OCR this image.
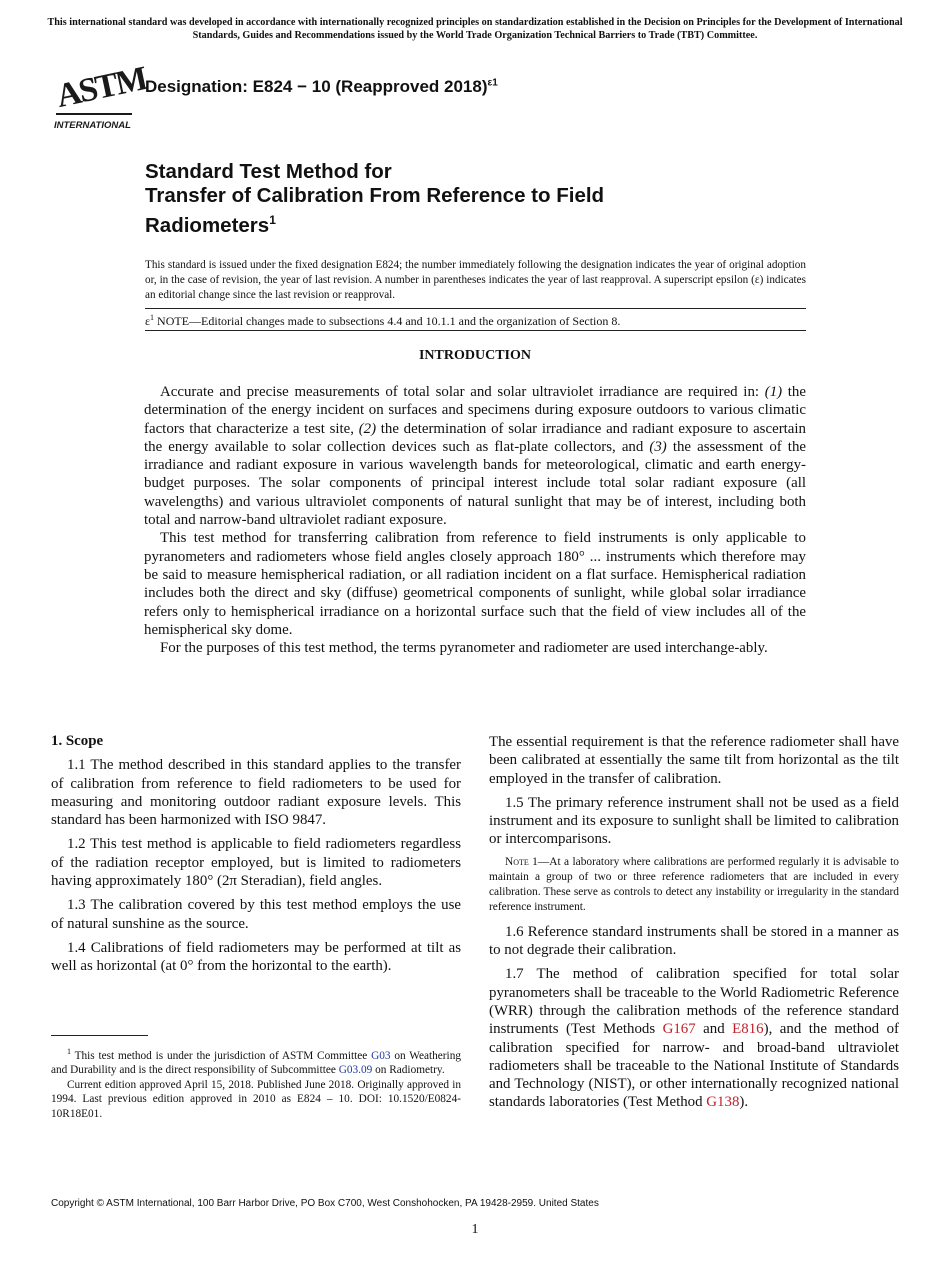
This international standard was developed in accordance with internationally recognized principles on standardization established in the Decision on Principles for the Development of International Standards, Guides and Recommendations issued by the World Trade Organization Technical Barriers to Trade (TBT) Committee.
ASTM
INTERNATIONAL
Designation: E824 − 10 (Reapproved 2018)$^{\varepsilon 1}$
Standard Test Method for
Transfer of Calibration From Reference to Field
Radiometers$^1$
This standard is issued under the fixed designation E824; the number immediately following the designation indicates the year of original adoption or, in the case of revision, the year of last revision. A number in parentheses indicates the year of last reapproval. A superscript epsilon (ε) indicates an editorial change since the last revision or reapproval.
$\varepsilon^1$ NOTE—Editorial changes made to subsections 4.4 and 10.1.1 and the organization of Section 8.
INTRODUCTION

Accurate and precise measurements of total solar and solar ultraviolet irradiance are required in: (1) the determination of the energy incident on surfaces and specimens during exposure outdoors to various climatic factors that characterize a test site, (2) the determination of solar irradiance and radiant exposure to ascertain the energy available to solar collection devices such as flat-plate collectors, and (3) the assessment of the irradiance and radiant exposure in various wavelength bands for meteorological, climatic and earth energy-budget purposes. The solar components of principal interest include total solar radiant exposure (all wavelengths) and various ultraviolet components of natural sunlight that may be of interest, including both total and narrow-band ultraviolet radiant exposure.

This test method for transferring calibration from reference to field instruments is only applicable to pyranometers and radiometers whose field angles closely approach 180° ... instruments which therefore may be said to measure hemispherical radiation, or all radiation incident on a flat surface. Hemispherical radiation includes both the direct and sky (diffuse) geometrical components of sunlight, while global solar irradiance refers only to hemispherical irradiance on a horizontal surface such that the field of view includes all of the hemispherical sky dome.

For the purposes of this test method, the terms pyranometer and radiometer are used interchange-ably.

1. Scope

1.1 The method described in this standard applies to the transfer of calibration from reference to field radiometers to be used for measuring and monitoring outdoor radiant exposure levels. This standard has been harmonized with ISO 9847.

1.2 This test method is applicable to field radiometers regardless of the radiation receptor employed, but is limited to radiometers having approximately 180° (2π Steradian), field angles.

1.3 The calibration covered by this test method employs the use of natural sunshine as the source.

1.4 Calibrations of field radiometers may be performed at tilt as well as horizontal (at 0° from the horizontal to the earth).

$^1$ This test method is under the jurisdiction of ASTM Committee G03 on Weathering and Durability and is the direct responsibility of Subcommittee G03.09 on Radiometry.

Current edition approved April 15, 2018. Published June 2018. Originally approved in 1994. Last previous edition approved in 2010 as E824 – 10. DOI: 10.1520/E0824-10R18E01.

The essential requirement is that the reference radiometer shall have been calibrated at essentially the same tilt from horizontal as the tilt employed in the transfer of calibration.

1.5 The primary reference instrument shall not be used as a field instrument and its exposure to sunlight shall be limited to calibration or intercomparisons.

Note 1—At a laboratory where calibrations are performed regularly it is advisable to maintain a group of two or three reference radiometers that are included in every calibration. These serve as controls to detect any instability or irregularity in the standard reference instrument.

1.6 Reference standard instruments shall be stored in a manner as to not degrade their calibration.

1.7 The method of calibration specified for total solar pyranometers shall be traceable to the World Radiometric Reference (WRR) through the calibration methods of the reference standard instruments (Test Methods G167 and E816), and the method of calibration specified for narrow- and broad-band ultraviolet radiometers shall be traceable to the National Institute of Standards and Technology (NIST), or other internationally recognized national standards laboratories (Test Method G138).

Copyright © ASTM International, 100 Barr Harbor Drive, PO Box C700, West Conshohocken, PA 19428-2959. United States
1
